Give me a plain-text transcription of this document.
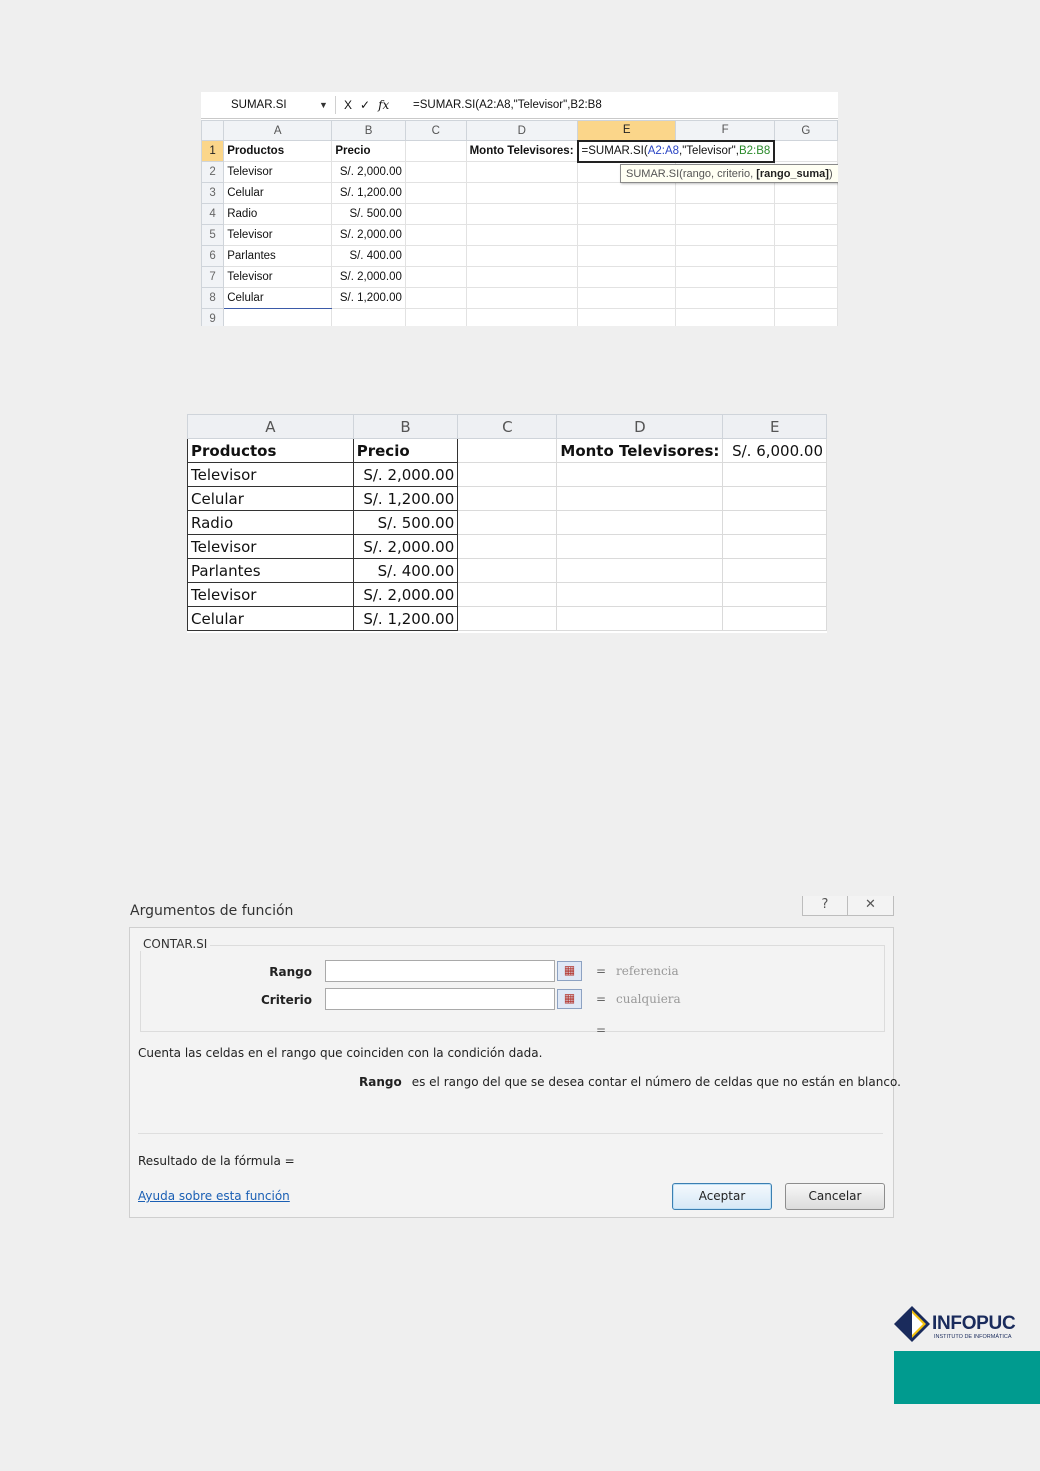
SUMAR.SI	▼ X ✓ fx =SUMAR.SI(A2:A8,"Televisor",B2:B8
	A	B	C	D	E	F	G
1	Productos	Precio		Monto Televisores:	=SUMAR.SI(A2:A8,"Televisor",B2:B8		
2	Televisor	S/. 2,000.00					
3	Celular	S/. 1,200.00					
4	Radio	S/. 500.00					
5	Televisor	S/. 2,000.00					
6	Parlantes	S/. 400.00					
7	Televisor	S/. 2,000.00					
8	Celular	S/. 1,200.00					
9							
SUMAR.SI(rango, criterio, [rango_suma])
A	B	C	D	E
Productos	Precio		Monto Televisores:	S/. 6,000.00
Televisor	S/. 2,000.00			
Celular	S/. 1,200.00			
Radio	S/. 500.00			
Televisor	S/. 2,000.00			
Parlantes	S/. 400.00			
Televisor	S/. 2,000.00			
Celular	S/. 1,200.00			
Argumentos de función	?	✕
CONTAR.SI
Rango	▦	= referencia
Criterio	▦	= cualquiera
=
Cuenta las celdas en el rango que coinciden con la condición dada.
Rango es el rango del que se desea contar el número de celdas que no están en blanco.
Resultado de la fórmula =
Ayuda sobre esta función	Aceptar	Cancelar
INFOPUC
INSTITUTO DE INFORMÁTICA
